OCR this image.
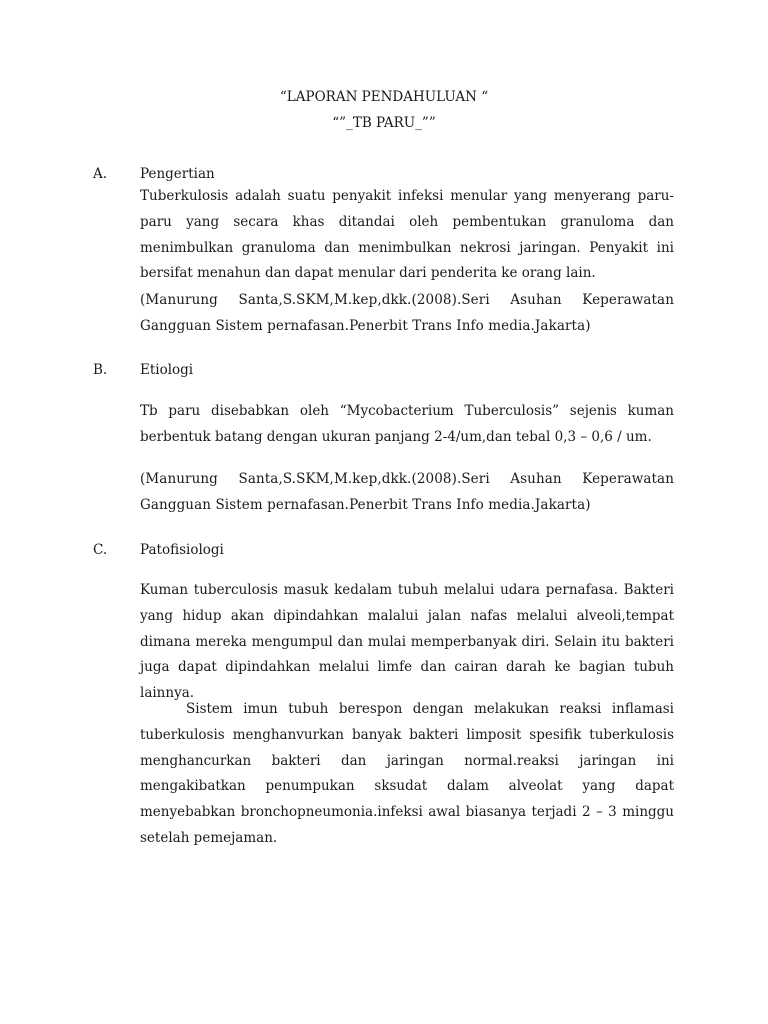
“LAPORAN PENDAHULUAN “
“”_TB PARU_””
A. Pengertian

Tuberkulosis adalah suatu penyakit infeksi menular yang menyerang paru-paru yang secara khas ditandai oleh pembentukan granuloma dan menimbulkan granuloma dan menimbulkan nekrosi jaringan. Penyakit ini bersifat menahun dan dapat menular dari penderita ke orang lain.

(Manurung Santa,S.SKM,M.kep,dkk.(2008).Seri Asuhan Keperawatan Gangguan Sistem pernafasan.Penerbit Trans Info media.Jakarta)

B. Etiologi

Tb paru disebabkan oleh “Mycobacterium Tuberculosis” sejenis kuman berbentuk batang dengan ukuran panjang 2-4/um,dan tebal 0,3 – 0,6 / um.

(Manurung Santa,S.SKM,M.kep,dkk.(2008).Seri Asuhan Keperawatan Gangguan Sistem pernafasan.Penerbit Trans Info media.Jakarta)

C. Patofisiologi

Kuman tuberculosis masuk kedalam tubuh melalui udara pernafasa. Bakteri yang hidup akan dipindahkan malalui jalan nafas melalui alveoli,tempat dimana mereka mengumpul dan mulai memperbanyak diri. Selain itu bakteri juga dapat dipindahkan melalui limfe dan cairan darah ke bagian tubuh lainnya.

Sistem imun tubuh berespon dengan melakukan reaksi inflamasi tuberkulosis menghanvurkan banyak bakteri limposit spesifik tuberkulosis menghancurkan bakteri dan jaringan normal.reaksi jaringan ini mengakibatkan penumpukan sksudat dalam alveolat yang dapat menyebabkan bronchopneumonia.infeksi awal biasanya terjadi 2 – 3 minggu setelah pemejaman.
